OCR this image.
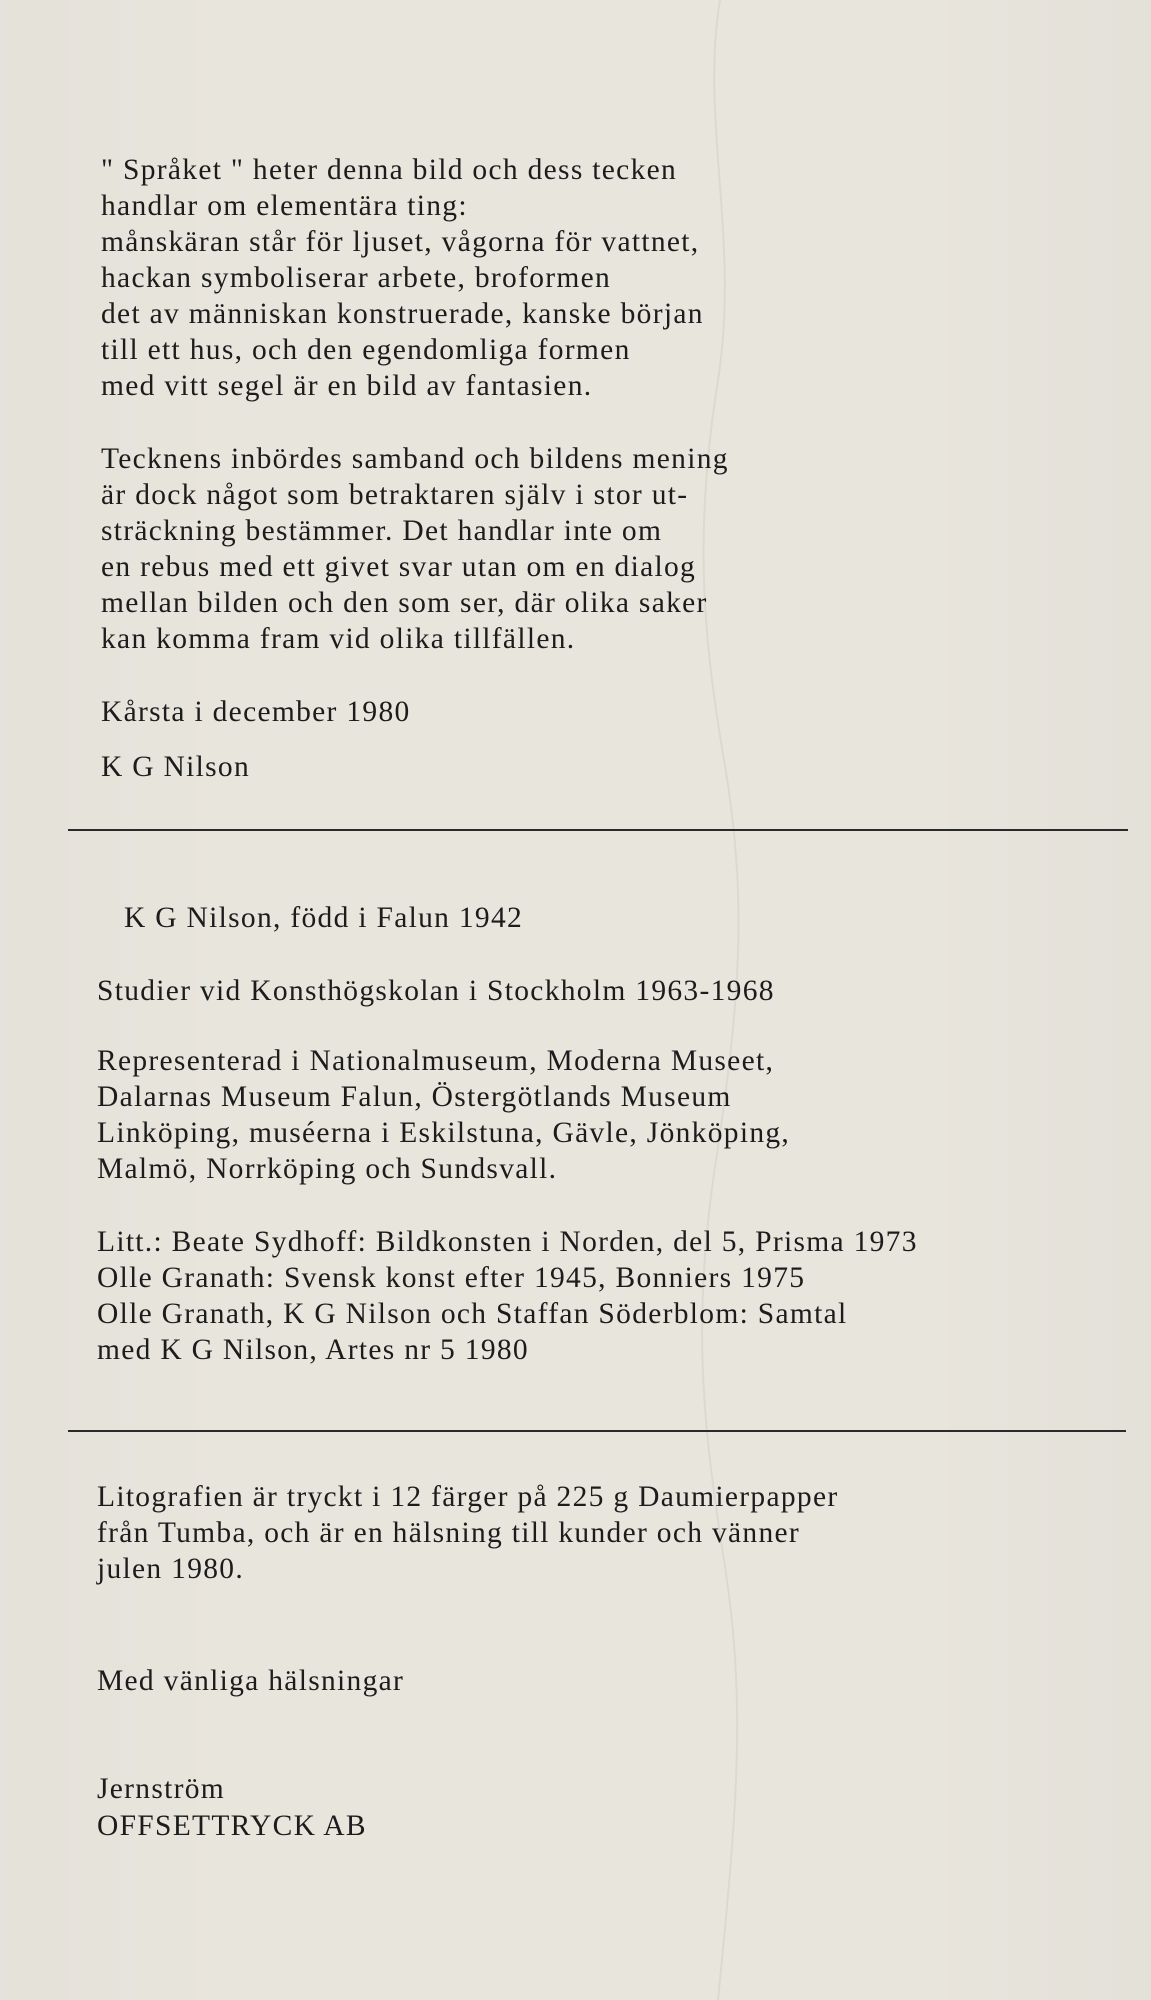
" Språket " heter denna bild och dess tecken
handlar om elementära ting:
månskäran står för ljuset, vågorna för vattnet,
hackan symboliserar arbete, broformen
det av människan konstruerade, kanske början
till ett hus, och den egendomliga formen
med vitt segel är en bild av fantasien.
Tecknens inbördes samband och bildens mening
är dock något som betraktaren själv i stor ut-
sträckning bestämmer. Det handlar inte om
en rebus med ett givet svar utan om en dialog
mellan bilden och den som ser, där olika saker
kan komma fram vid olika tillfällen.
Kårsta i december 1980
K G Nilson
K G Nilson, född i Falun 1942
Studier vid Konsthögskolan i Stockholm 1963-1968
Representerad i Nationalmuseum, Moderna Museet,
Dalarnas Museum Falun, Östergötlands Museum
Linköping, muséerna i Eskilstuna, Gävle, Jönköping,
Malmö, Norrköping och Sundsvall.
Litt.: Beate Sydhoff: Bildkonsten i Norden, del 5, Prisma 1973
Olle Granath: Svensk konst efter 1945, Bonniers 1975
Olle Granath, K G Nilson och Staffan Söderblom: Samtal
med K G Nilson, Artes nr 5 1980
Litografien är tryckt i 12 färger på 225 g Daumierpapper
från Tumba, och är en hälsning till kunder och vänner
julen 1980.
Med vänliga hälsningar
Jernström
OFFSETTRYCK AB
